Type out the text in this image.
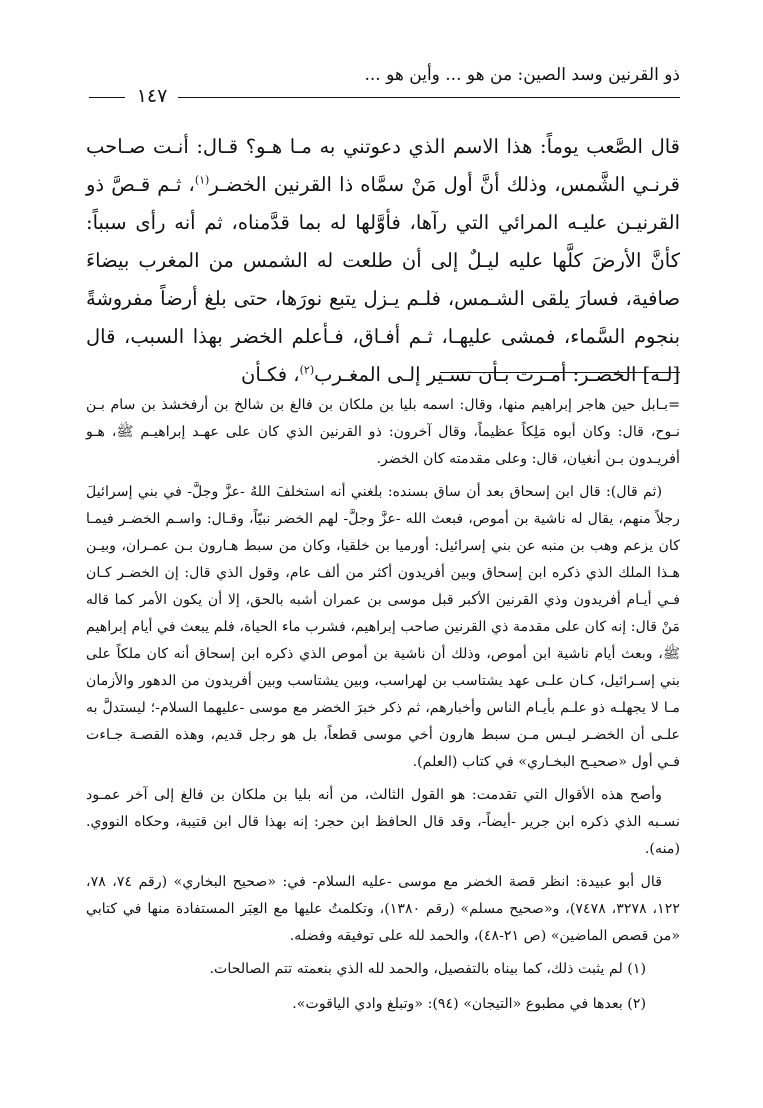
ذو القرنين وسد الصين: من هو ... وأين هو ...
١٤٧

قال الصَّعب يوماً: هذا الاسم الذي دعوتني به مـا هـو؟ قـال: أنـت صـاحب قرنـي الشَّمس، وذلك أنَّ أول مَنْ سمَّاه ذا القرنين الخضـر$^{(١)}$، ثـم قـصَّ ذو القرنيـن عليـه المرائي التي رآها، فأوَّلها له بما قدَّمناه، ثم أنه رأى سبباً: كأنَّ الأرضَ كلَّها عليه ليـلٌ إلى أن طلعت له الشمس من المغرب بيضاءَ صافية، فسارَ يلقى الشـمس، فلـم يـزل يتبع نورَها، حتى بلغ أرضاً مفروشةً بنجوم السَّماء، فمشى عليهـا، ثـم أفـاق، فـأعلم الخضر بهذا السبب، قال [لـه] الخضـر: أمـرت بـأن تسـير إلـى المغـرب$^{(٢)}$، فكـأن

=بـابل حين هاجر إبراهيم منها، وقال: اسمه بليا بن ملكان بن فالغ بن شالخ بن أرفخشذ بن سام بـن نـوح، قال: وكان أبوه مَلِكاً عظيماً، وقال آخرون: ذو القرنين الذي كان على عهـد إبراهيـم ﷺ، هـو أفريـدون بـن أنغيان، قال: وعلى مقدمته كان الخضر.

(ثم قال): قال ابن إسحاق بعد أن ساق بسنده: بلغني أنه استخلفَ اللهُ -عزَّ وجلَّ- في بني إسرائيلَ رجلاً منهم، يقال له ناشية بن أموص، فبعث الله -عزَّ وجلَّ- لهم الخضر نبيّاً، وقـال: واسـم الخضـر فيمـا كان يزعم وهب بن منبه عن بني إسرائيل: أورميا بن خلقيا، وكان من سبط هـارون بـن عمـران، وبيـن هـذا الملك الذي ذكره ابن إسحاق وبين أفريدون أكثر من ألف عام، وقول الذي قال: إن الخضـر كـان فـي أيـام أفريدون وذي القرنين الأكبر قبل موسى بن عمران أشبه بالحق، إلا أن يكون الأمر كما قاله مَنْ قال: إنه كان على مقدمة ذي القرنين صاحب إبراهيم، فشرب ماء الحياة، فلم يبعث في أيام إبراهيم ﷺ، وبعث أيام ناشية ابن أموص، وذلك أن ناشية بن أموص الذي ذكره ابن إسحاق أنه كان ملكاً على بني إسـرائيل، كـان علـى عهد يشتاسب بن لهراسب، وبين يشتاسب وبين أفريدون من الدهور والأزمان مـا لا يجهلـه ذو علـم بأيـام الناس وأخبارهم، ثم ذكر خبرَ الخضر مع موسى -عليهما السلام-؛ ليستدلَّ به علـى أن الخضـر ليـس مـن سبط هارون أخي موسى قطعاً، بل هو رجل قديم، وهذه القصـة جـاءت فـي أول «صحيـح البخـاري» في كتاب (العلم).

وأصح هذه الأقوال التي تقدمت: هو القول الثالث، من أنه بليا بن ملكان بن فالغ إلى آخر عمـود نسـبه الذي ذكره ابن جرير -أيضاً-، وقد قال الحافظ ابن حجر: إنه بهذا قال ابن قتيبة، وحكاه النووي. (منه).

قال أبو عبيدة: انظر قصة الخضر مع موسى -عليه السلام- في: «صحيح البخاري» (رقم ٧٤، ٧٨، ١٢٢، ٣٢٧٨، ٧٤٧٨)، و«صحيح مسلم» (رقم ١٣٨٠)، وتكلمتُ عليها مع العِبَر المستفادة منها في كتابي «من قصص الماضين» (ص ٢١-٤٨)، والحمد لله على توفيقه وفضله.

(١) لم يثبت ذلك، كما بيناه بالتفصيل، والحمد لله الذي بنعمته تتم الصالحات.

(٢) بعدها في مطبوع «التيجان» (٩٤): «وتبلغ وادي الياقوت».
